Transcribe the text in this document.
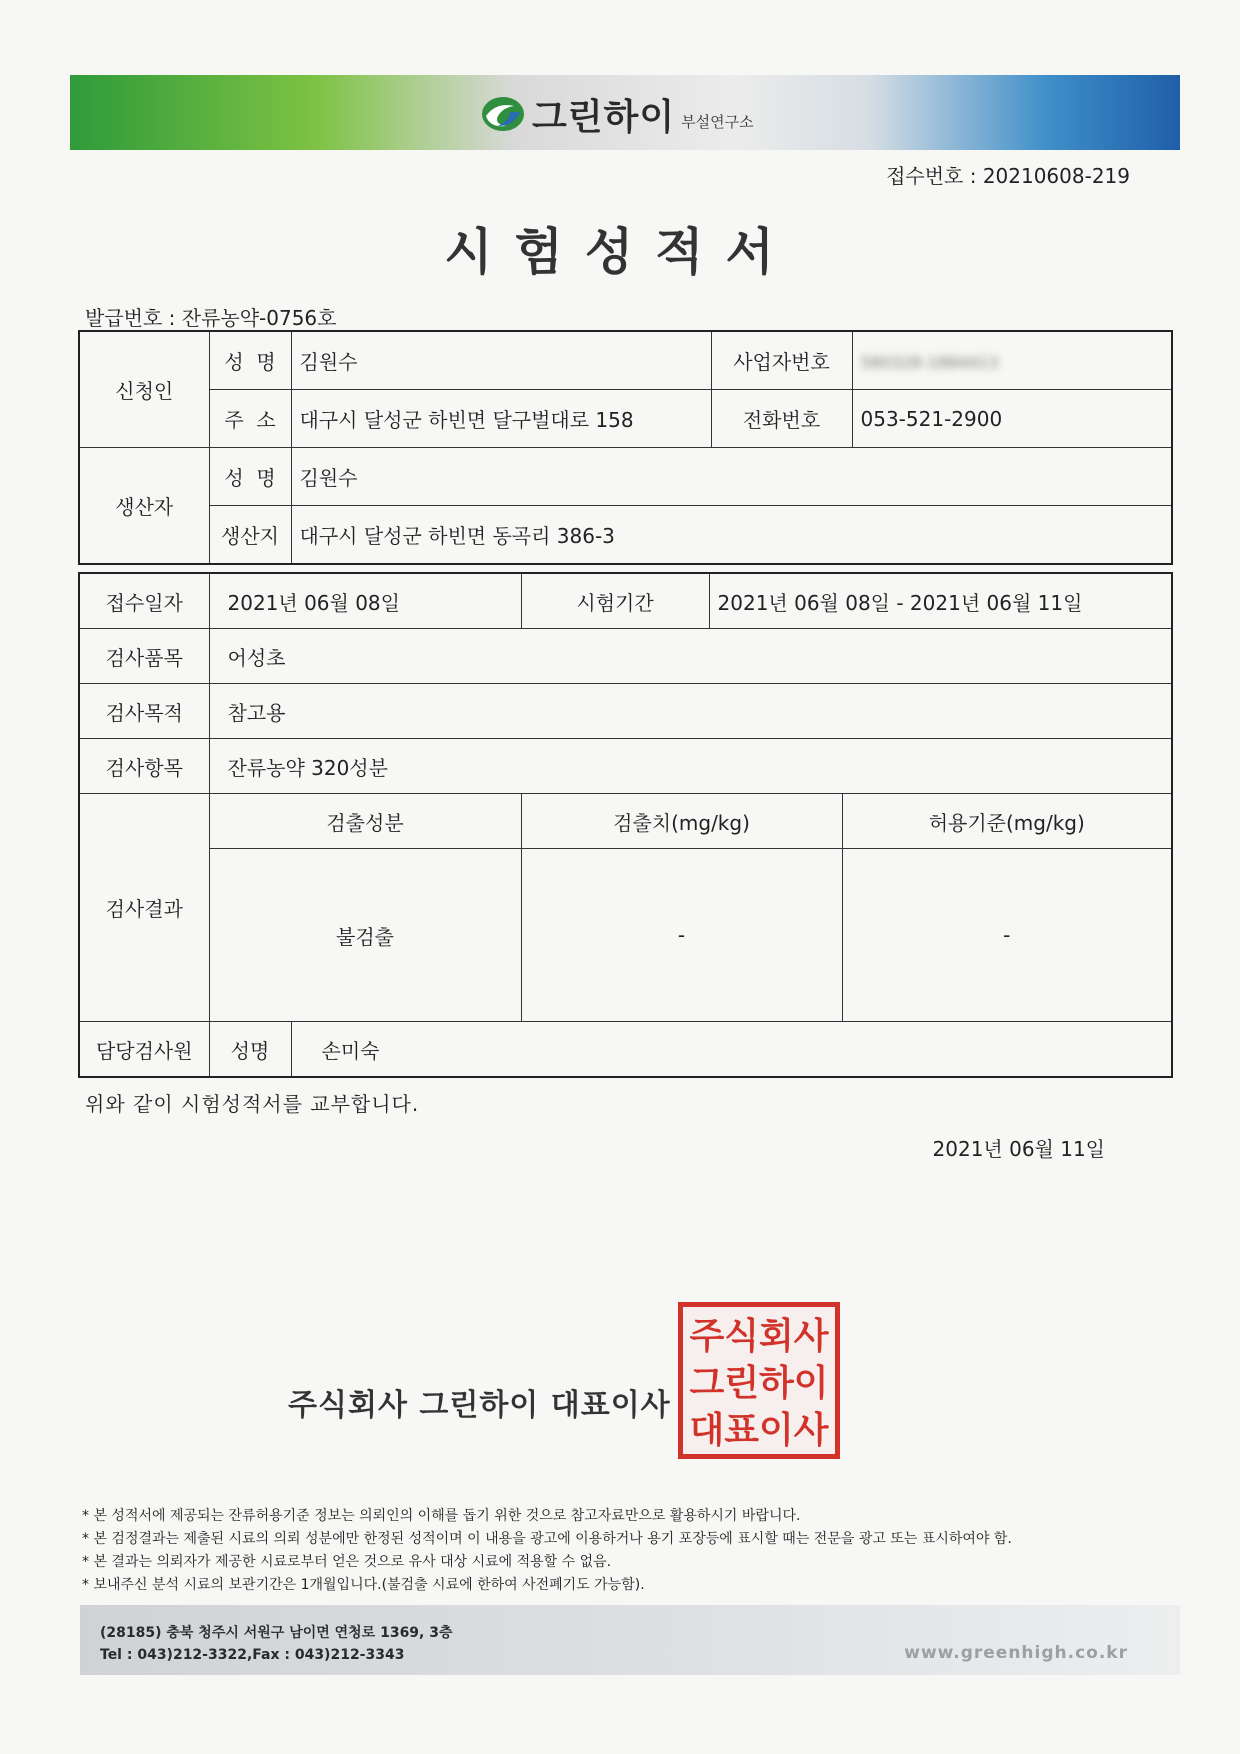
그린하이 부설연구소
접수번호 : 20210608-219
시험성적서
발급번호 : 잔류농약-0756호
신청인	성  명	김원수	사업자번호	580328-1884413
	주  소	대구시 달성군 하빈면 달구벌대로 158	전화번호	053-521-2900
생산자	성  명	김원수		
	생산지	대구시 달성군 하빈면 동곡리 386-3		
접수일자	2021년 06월 08일		시험기간	2021년 06월 08일 - 2021년 06월 11일	
검사품목	어성초				
검사목적	참고용				
검사항목	잔류농약 320성분				
검사결과	검출성분		검출치(mg/kg)		허용기준(mg/kg)
	불검출		-		-
담당검사원	성명	손미숙			
위와 같이 시험성적서를 교부합니다.
2021년 06월 11일
주식회사 그린하이 대표이사
주식회사그린하이대표이사
* 본 성적서에 제공되는 잔류허용기준 정보는 의뢰인의 이해를 돕기 위한 것으로 참고자료만으로 활용하시기 바랍니다.
* 본 검정결과는 제출된 시료의 의뢰 성분에만 한정된 성적이며 이 내용을 광고에 이용하거나 용기 포장등에 표시할 때는 전문을 광고 또는 표시하여야 함.
* 본 결과는 의뢰자가 제공한 시료로부터 얻은 것으로 유사 대상 시료에 적용할 수 없음.
* 보내주신 분석 시료의 보관기간은 1개월입니다.(불검출 시료에 한하여 사전폐기도 가능함).
(28185) 충북 청주시 서원구 남이면 연청로 1369, 3층
Tel : 043)212-3322,Fax : 043)212-3343	www.greenhigh.co.kr
